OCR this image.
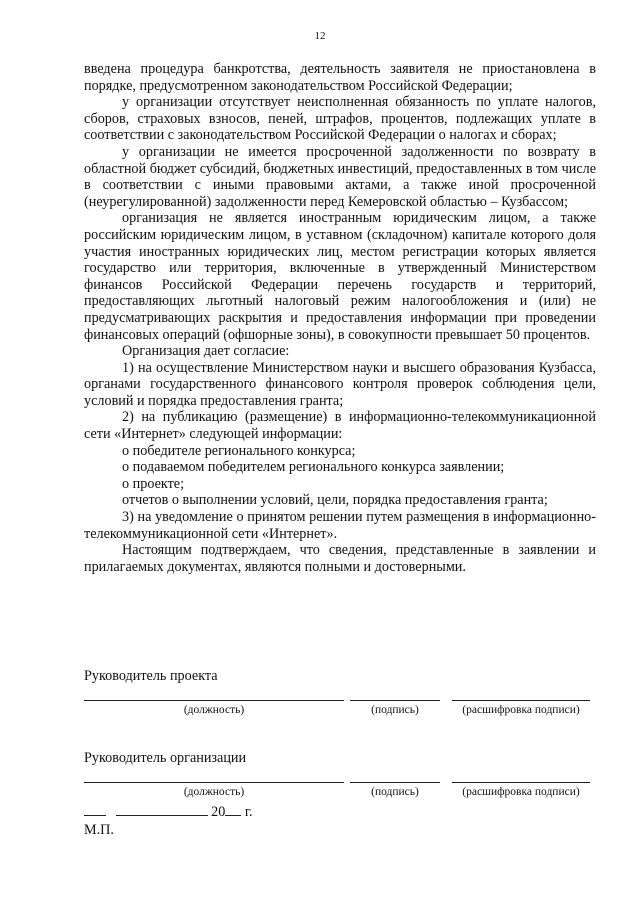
12

введена процедура банкротства, деятельность заявителя не приостановлена в порядке, предусмотренном законодательством Российской Федерации;

у организации отсутствует неисполненная обязанность по уплате налогов, сборов, страховых взносов, пеней, штрафов, процентов, подлежащих уплате в соответствии с законодательством Российской Федерации о налогах и сборах;

у организации не имеется просроченной задолженности по возврату в областной бюджет субсидий, бюджетных инвестиций, предоставленных в том числе в соответствии с иными правовыми актами, а также иной просроченной (неурегулированной) задолженности перед Кемеровской областью – Кузбассом;

организация не является иностранным юридическим лицом, а также российским юридическим лицом, в уставном (складочном) капитале которого доля участия иностранных юридических лиц, местом регистрации которых является государство или территория, включенные в утвержденный Министерством финансов Российской Федерации перечень государств и территорий, предоставляющих льготный налоговый режим налогообложения и (или) не предусматривающих раскрытия и предоставления информации при проведении финансовых операций (офшорные зоны), в совокупности превышает 50 процентов.

Организация дает согласие:

1) на осуществление Министерством науки и высшего образования Кузбасса, органами государственного финансового контроля проверок соблюдения цели, условий и порядка предоставления гранта;

2) на публикацию (размещение) в информационно-телекоммуникационной сети «Интернет» следующей информации:

о победителе регионального конкурса;

о подаваемом победителем регионального конкурса заявлении;

о проекте;

отчетов о выполнении условий, цели, порядка предоставления гранта;

3) на уведомление о принятом решении путем размещения в информационно-телекоммуникационной сети «Интернет».

Настоящим подтверждаем, что сведения, представленные в заявлении и прилагаемых документах, являются полными и достоверными.

Руководитель проекта
(должность)	(подпись)	(расшифровка подписи)
Руководитель организации
(должность)	(подпись)	(расшифровка подписи)
20 г.
М.П.
